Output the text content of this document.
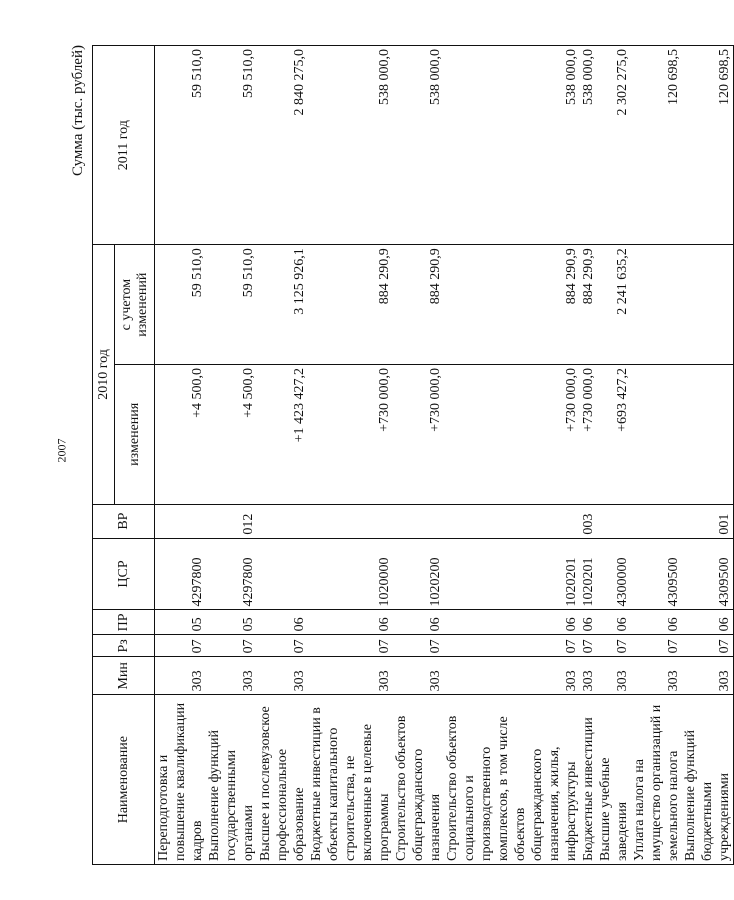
2007
Сумма (тыс. рублей)
Наименование	Мин	Рз	ПР	ЦСР	ВР	2010 год		2011 год
						изменения	с учетом изменений	
Переподготовка и повышение квалификации кадров	303	07	05	4297800		+4 500,0	59 510,0	59 510,0
Выполнение функций государственными органами	303	07	05	4297800	012	+4 500,0	59 510,0	59 510,0
Высшее и послевузовское профессиональное образование	303	07	06			+1 423 427,2	3 125 926,1	2 840 275,0
Бюджетные инвестиции в объекты капитального строительства, не включенные в целевые программы	303	07	06	1020000		+730 000,0	884 290,9	538 000,0
Строительство объектов общегражданского назначения	303	07	06	1020200		+730 000,0	884 290,9	538 000,0
Строительство объектов социального и производственного комплексов, в том числе объектов общегражданского назначения, жилья, инфраструктуры	303	07	06	1020201		+730 000,0	884 290,9	538 000,0
Бюджетные инвестиции	303	07	06	1020201	003	+730 000,0	884 290,9	538 000,0
Высшие учебные заведения	303	07	06	4300000		+693 427,2	2 241 635,2	2 302 275,0
Уплата налога на имущество организаций и земельного налога	303	07	06	4309500				120 698,5
Выполнение функций бюджетными учреждениями	303	07	06	4309500	001			120 698,5
